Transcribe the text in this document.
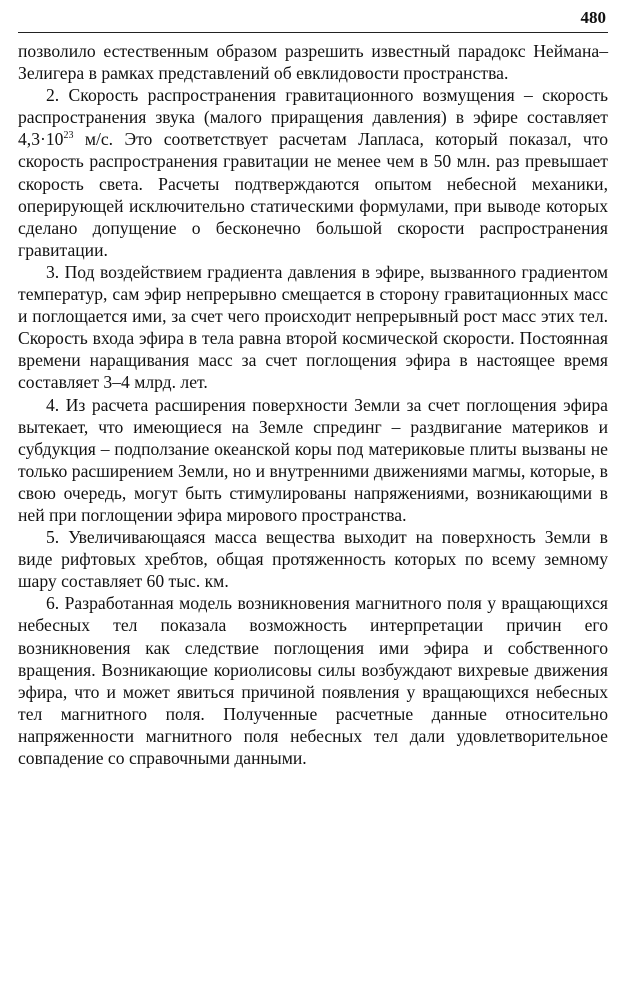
480

позволило естественным образом разрешить известный парадокс Неймана–Зелигера в рамках представлений об евклидовости пространства.

2. Скорость распространения гравитационного возмущения – скорость распространения звука (малого приращения давления) в эфире составляет $4,3\cdot 10^{23}$ м/с. Это соответствует расчетам Лапласа, который показал, что скорость распространения гравитации не менее чем в 50 млн. раз превышает скорость света. Расчеты подтверждаются опытом небесной механики, оперирующей исключительно статическими формулами, при выводе которых сделано допущение о бесконечно большой скорости распространения гравитации.

3. Под воздействием градиента давления в эфире, вызванного градиентом температур, сам эфир непрерывно смещается в сторону гравитационных масс и поглощается ими, за счет чего происходит непрерывный рост масс этих тел. Скорость входа эфира в тела равна второй космической скорости. Постоянная времени наращивания масс за счет поглощения эфира в настоящее время составляет 3–4 млрд. лет.

4. Из расчета расширения поверхности Земли за счет поглощения эфира вытекает, что имеющиеся на Земле спрединг – раздвигание материков и субдукция – подползание океанской коры под материковые плиты вызваны не только расширением Земли, но и внутренними движениями магмы, которые, в свою очередь, могут быть стимулированы напряжениями, возникающими в ней при поглощении эфира мирового пространства.

5. Увеличивающаяся масса вещества выходит на поверхность Земли в виде рифтовых хребтов, общая протяженность которых по всему земному шару составляет 60 тыс. км.

6. Разработанная модель возникновения магнитного поля у вращающихся небесных тел показала возможность интерпретации причин его возникновения как следствие поглощения ими эфира и собственного вращения. Возникающие кориолисовы силы возбуждают вихревые движения эфира, что и может явиться причиной появления у вращающихся небесных тел магнитного поля. Полученные расчетные данные относительно напряженности магнитного поля небесных тел дали удовлетворительное совпадение со справочными данными.
